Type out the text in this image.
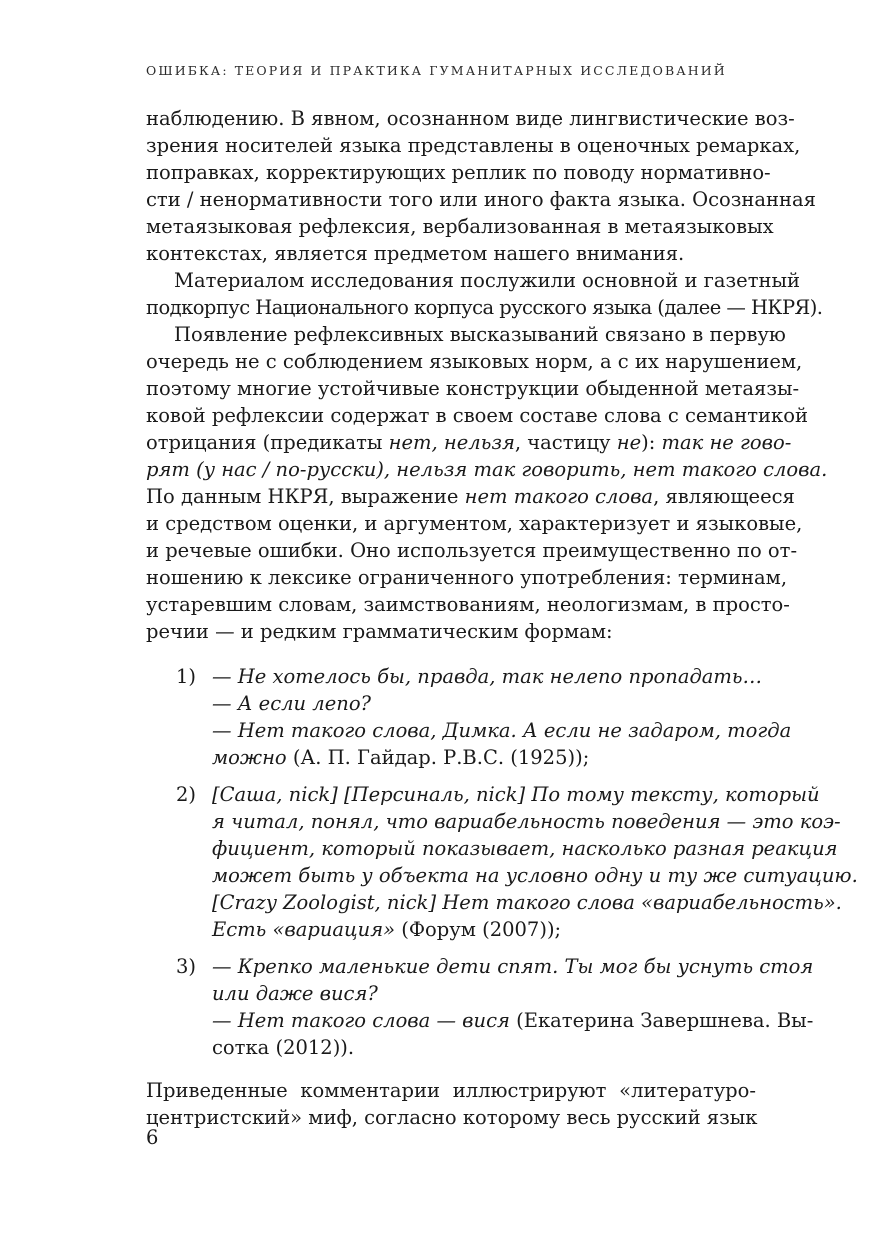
ОШИБКА: ТЕОРИЯ И ПРАКТИКА ГУМАНИТАРНЫХ ИССЛЕДОВАНИЙ
наблюдению. В явном, осознанном виде лингвистические воз-
зрения носителей языка представлены в оценочных ремарках,
поправках, корректирующих реплик по поводу нормативно-
сти / ненормативности того или иного факта языка. Осознанная
метаязыковая рефлексия, вербализованная в метаязыковых
контекстах, является предметом нашего внимания.
Материалом исследования послужили основной и газетный
подкорпус Национального корпуса русского языка (далее — НКРЯ).
Появление рефлексивных высказываний связано в первую
очередь не с соблюдением языковых норм, а с их нарушением,
поэтому многие устойчивые конструкции обыденной метаязы-
ковой рефлексии содержат в своем составе слова с семантикой
отрицания (предикаты нет, нельзя, частицу не): так не гово-
рят (у нас / по-русски), нельзя так говорить, нет такого слова.
По данным НКРЯ, выражение нет такого слова, являющееся
и средством оценки, и аргументом, характеризует и языковые,
и речевые ошибки. Оно используется преимущественно по от-
ношению к лексике ограниченного употребления: терминам,
устаревшим словам, заимствованиям, неологизмам, в просто-
речии — и редким грамматическим формам:
1) — Не хотелось бы, правда, так нелепо пропадать…
— А если лепо?
— Нет такого слова, Димка. А если не задаром, тогда
можно (А. П. Гайдар. Р.В.С. (1925));
2) [Саша, nick] [Персиналь, nick] По тому тексту, который
я читал, понял, что вариабельность поведения — это коэ-
фициент, который показывает, насколько разная реакция
может быть у объекта на условно одну и ту же ситуацию.
[Crazy Zoologist, nick] Нет такого слова «вариабельность».
Есть «вариация» (Форум (2007));
3) — Крепко маленькие дети спят. Ты мог бы уснуть стоя
или даже вися?
— Нет такого слова — вися (Екатерина Завершнева. Вы-
сотка (2012)).
Приведенные комментарии иллюстрируют «литературо-
центристский» миф, согласно которому весь русский язык
6
